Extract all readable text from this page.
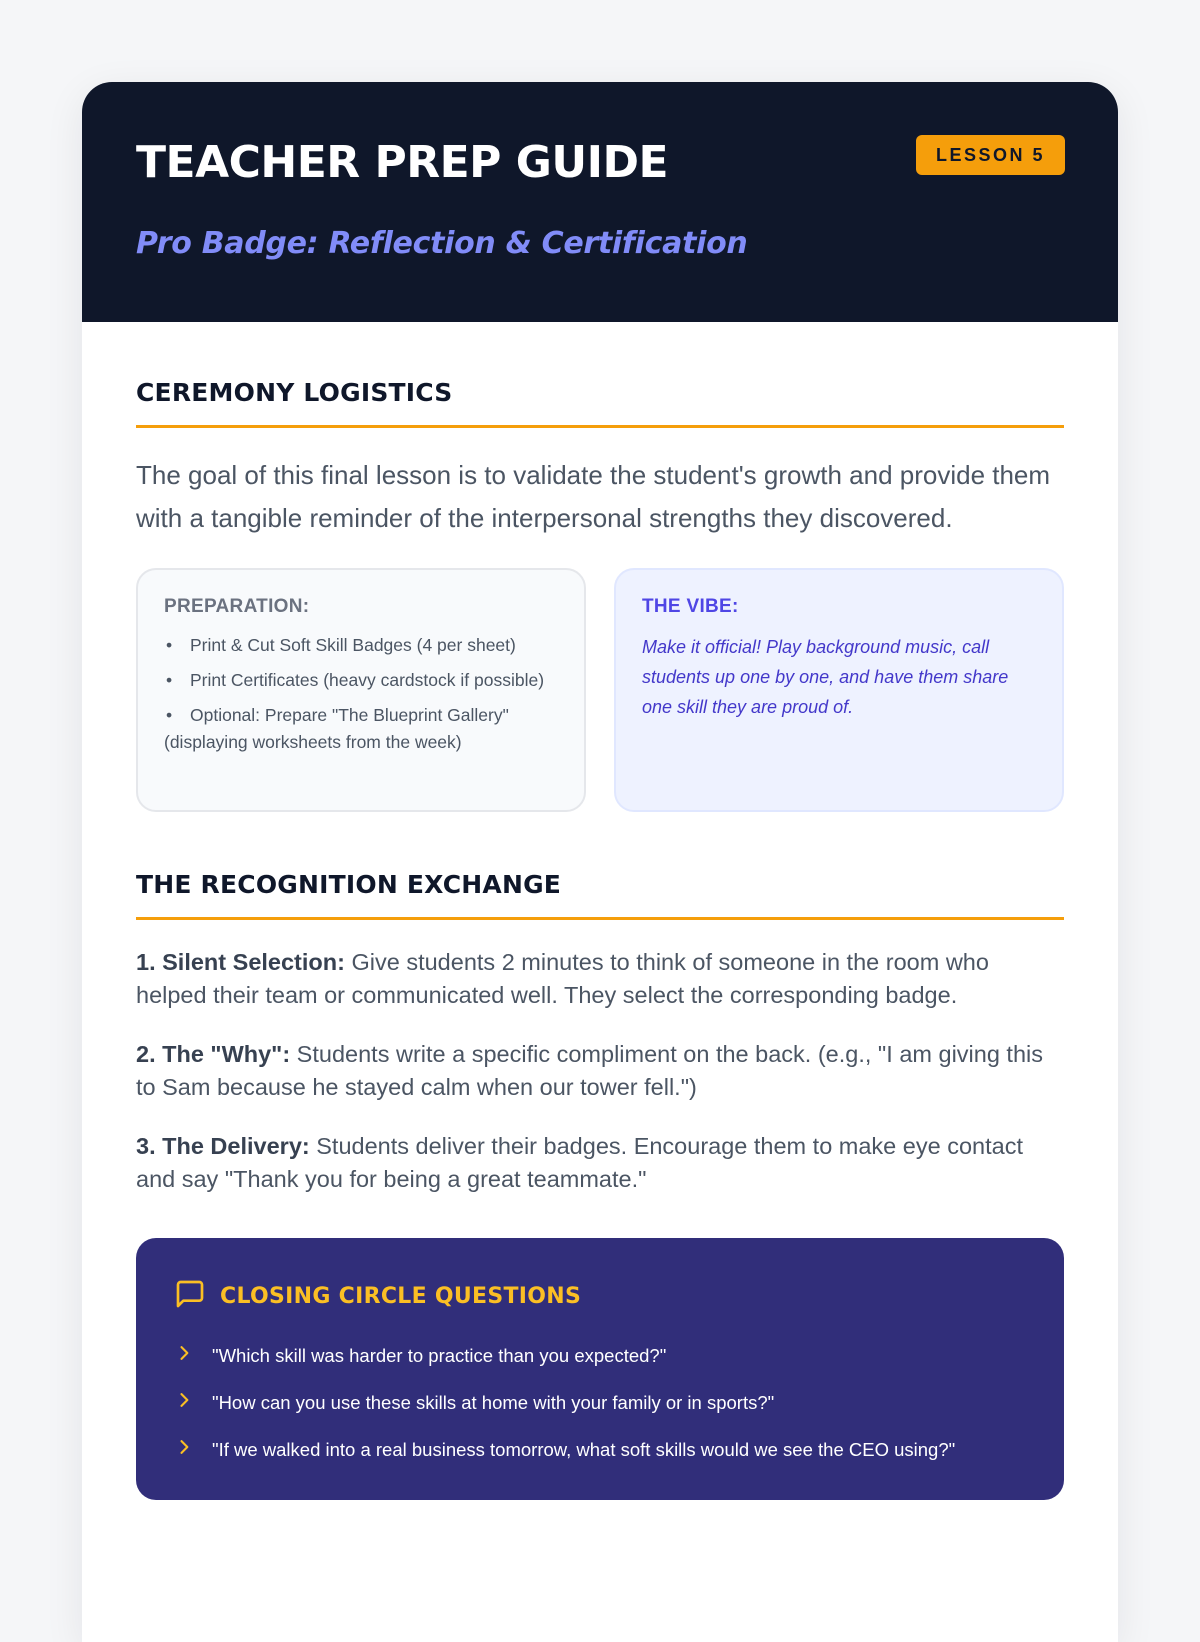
TEACHER PREP GUIDE	LESSON 5
Pro Badge: Reflection & Certification
CEREMONY LOGISTICS

The goal of this final lesson is to validate the student's growth and provide them with a tangible reminder of the interpersonal strengths they discovered.

PREPARATION:
• Print & Cut Soft Skill Badges (4 per sheet)
• Print Certificates (heavy cardstock if possible)
• Optional: Prepare "The Blueprint Gallery" (displaying worksheets from the week)
THE VIBE:

Make it official! Play background music, call students up one by one, and have them share one skill they are proud of.

THE RECOGNITION EXCHANGE

1. Silent Selection: Give students 2 minutes to think of someone in the room who helped their team or communicated well. They select the corresponding badge.

2. The "Why": Students write a specific compliment on the back. (e.g., "I am giving this to Sam because he stayed calm when our tower fell.")

3. The Delivery: Students deliver their badges. Encourage them to make eye contact and say "Thank you for being a great teammate."

CLOSING CIRCLE QUESTIONS
"Which skill was harder to practice than you expected?"
"How can you use these skills at home with your family or in sports?"
"If we walked into a real business tomorrow, what soft skills would we see the CEO using?"
